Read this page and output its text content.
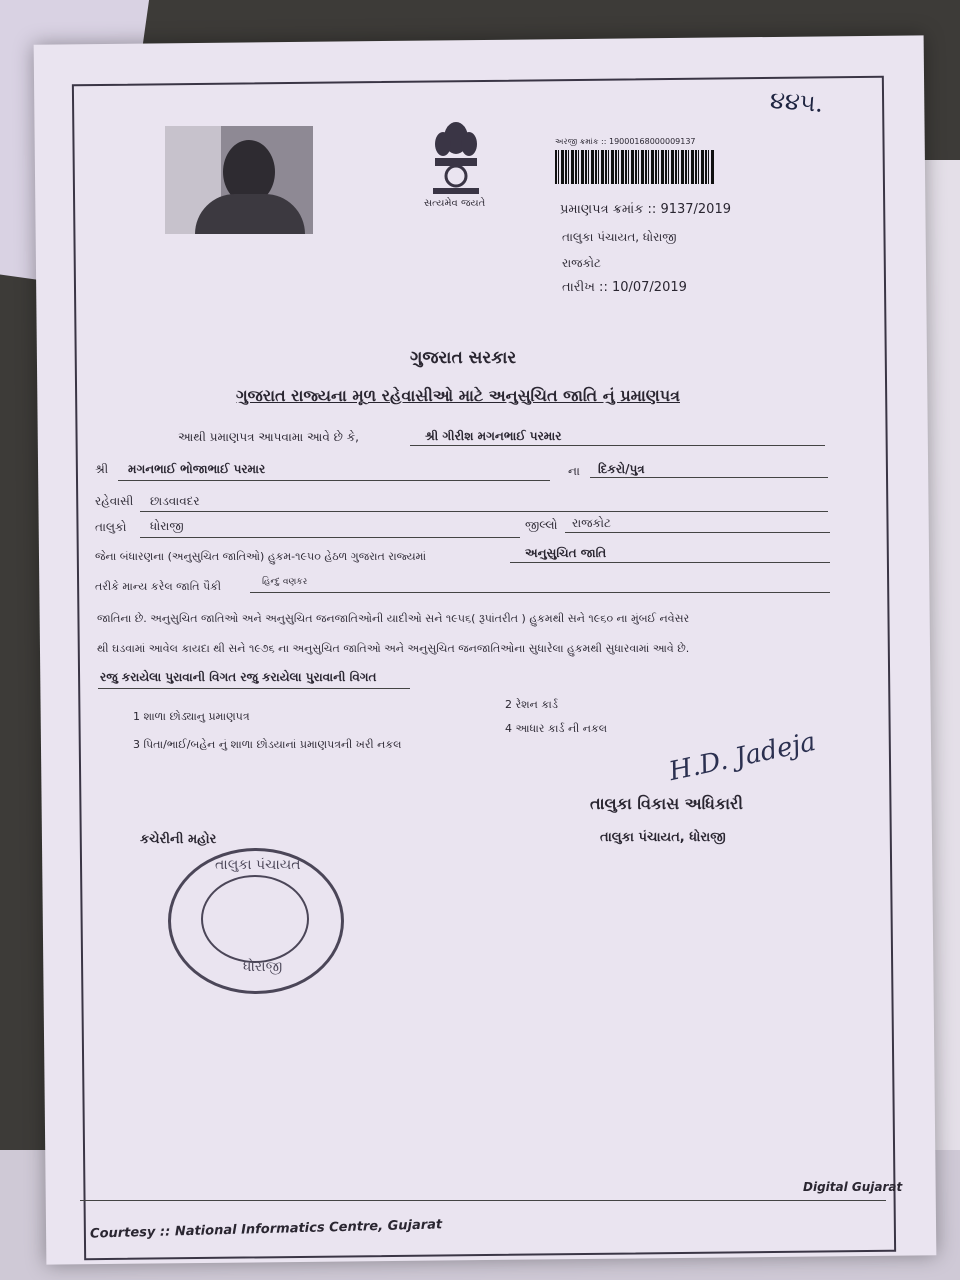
૪૪૫.
સત્યમેવ જયતે
અરજી ક્રમાંક :: 19000168000009137
પ્રમાણપત્ર ક્રમાંક :: 9137/2019
તાલુકા પંચાયત, ધોરાજી
રાજકોટ
તારીખ :: 10/07/2019
ગુજરાત સરકાર
ગુજરાત રાજ્યના મૂળ રહેવાસીઓ માટે અનુસુચિત જાતિ નું પ્રમાણપત્ર
આથી પ્રમાણપત્ર આપવામા આવે છે કે,	શ્રી ગીરીશ મગનભાઈ પરમાર
શ્રી મગનભાઈ ભોજાભાઈ પરમાર	ના દિકરો/પુત્ર
રહેવાસી છાડવાવદર
તાલુકો ધોરાજી	જીલ્લો રાજકોટ
જેના બંધારણના (અનુસુચિત જાતિઓ) હુકમ-૧૯૫૦ હેઠળ ગુજરાત રાજ્યમાં	અનુસુચિત જાતિ
તરીકે માન્ય કરેલ જાતિ પૈકી	હિન્દુ વણકર
જાતિના છે. અનુસુચિત જાતિઓ અને અનુસુચિત જનજાતિઓની યાદીઓ સને ૧૯૫૬( રૂપાંતરીત ) હુકમથી સને ૧૯૬૦ ના મુંબઈ નવેસર
થી ઘડવામાં આવેલ કાયદા થી સને ૧૯૭૬ ના અનુસુચિત જાતિઓ અને અનુસુચિત જનજાતિઓના સુધારેલા હુકમથી સુધારવામાં આવે છે.
રજુ કરાયેલા પુરાવાની વિગત રજુ કરાયેલા પુરાવાની વિગત
1 શાળા છોડ્યાનુ પ્રમાણપત્ર
2 રેશન કાર્ડ
3 પિતા/ભાઈ/બહેન નું શાળા છોડયાનાં પ્રમાણપત્રની ખરી નકલ
4 આધાર કાર્ડ ની નકલ H.D. Jadeja
તાલુકા વિકાસ અધિકારી
તાલુકા પંચાયત, ધોરાજી
કચેરીની મહોર
તાલુકા પંચાયત
ધોરાજી
Digital Gujarat
Courtesy :: National Informatics Centre, Gujarat
